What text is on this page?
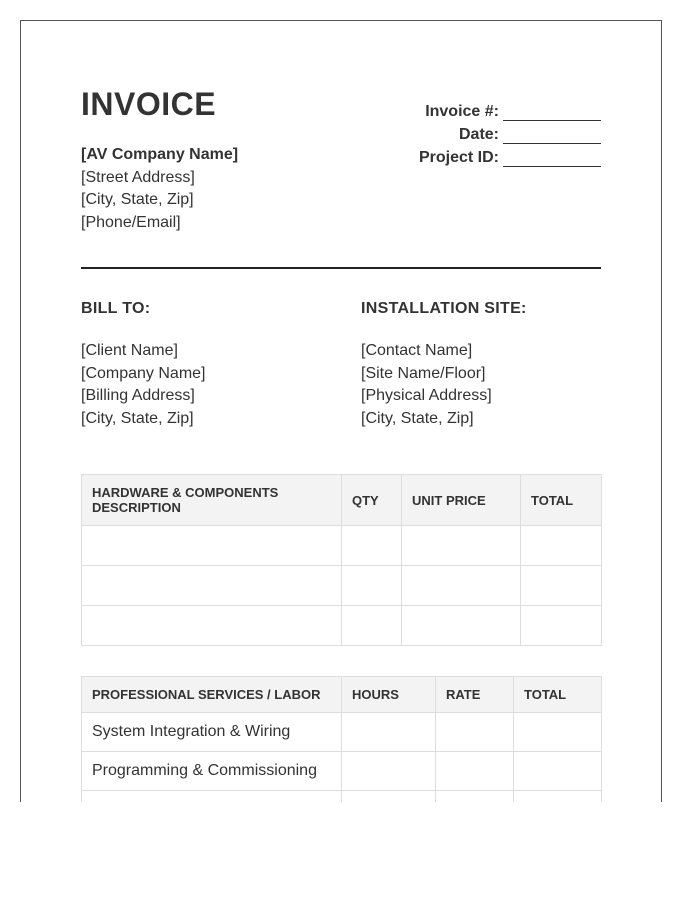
INVOICE
[AV Company Name]
[Street Address]
[City, State, Zip]
[Phone/Email]
Invoice #:
Date:
Project ID:
BILL TO:
[Client Name]
[Company Name]
[Billing Address]
[City, State, Zip]
INSTALLATION SITE:
[Contact Name]
[Site Name/Floor]
[Physical Address]
[City, State, Zip]
HARDWARE & COMPONENTS DESCRIPTION	QTY	UNIT PRICE	TOTAL

PROFESSIONAL SERVICES / LABOR	HOURS	RATE	TOTAL
System Integration & Wiring			
Programming & Commissioning			
